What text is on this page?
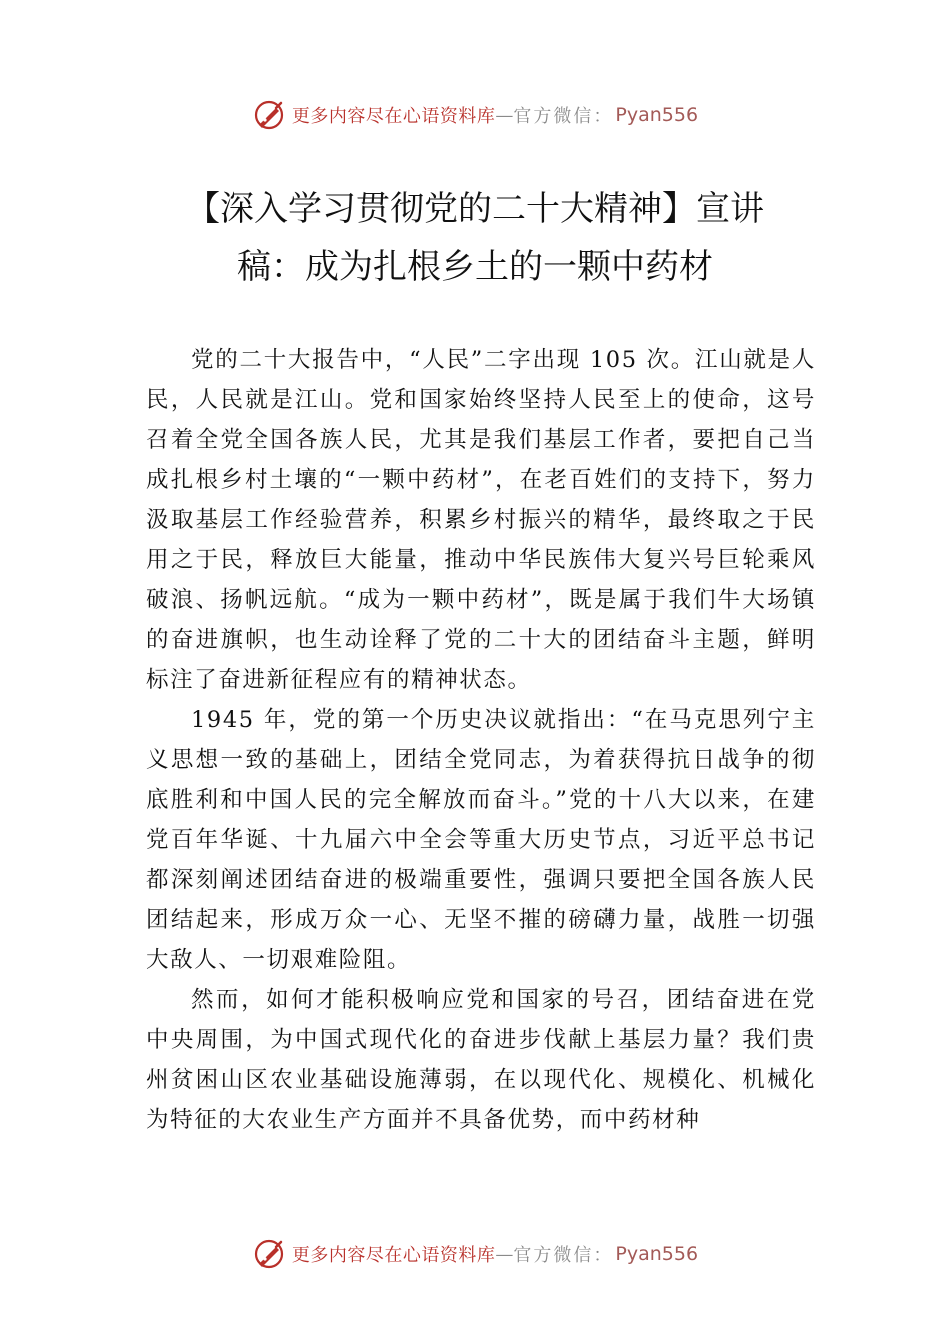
更多内容尽在心语资料库 — 官方微信： Pyan556
【深入学习贯彻党的二十大精神】宣讲
稿：成为扎根乡土的一颗中药材

党的二十大报告中，“人民”二字出现 105 次。江山就是人民，人民就是江山。党和国家始终坚持人民至上的使命，这号召着全党全国各族人民，尤其是我们基层工作者，要把自己当成扎根乡村土壤的“一颗中药材”，在老百姓们的支持下，努力汲取基层工作经验营养，积累乡村振兴的精华，最终取之于民用之于民，释放巨大能量，推动中华民族伟大复兴号巨轮乘风破浪、扬帆远航。“成为一颗中药材”，既是属于我们牛大场镇的奋进旗帜，也生动诠释了党的二十大的团结奋斗主题，鲜明标注了奋进新征程应有的精神状态。

1945 年，党的第一个历史决议就指出：“在马克思列宁主义思想一致的基础上，团结全党同志，为着获得抗日战争的彻底胜利和中国人民的完全解放而奋斗。”党的十八大以来，在建党百年华诞、十九届六中全会等重大历史节点，习近平总书记都深刻阐述团结奋进的极端重要性，强调只要把全国各族人民团结起来，形成万众一心、无坚不摧的磅礴力量，战胜一切强大敌人、一切艰难险阻。

然而，如何才能积极响应党和国家的号召，团结奋进在党中央周围，为中国式现代化的奋进步伐献上基层力量？我们贵州贫困山区农业基础设施薄弱，在以现代化、规模化、机械化为特征的大农业生产方面并不具备优势，而中药材种

更多内容尽在心语资料库 — 官方微信： Pyan556
